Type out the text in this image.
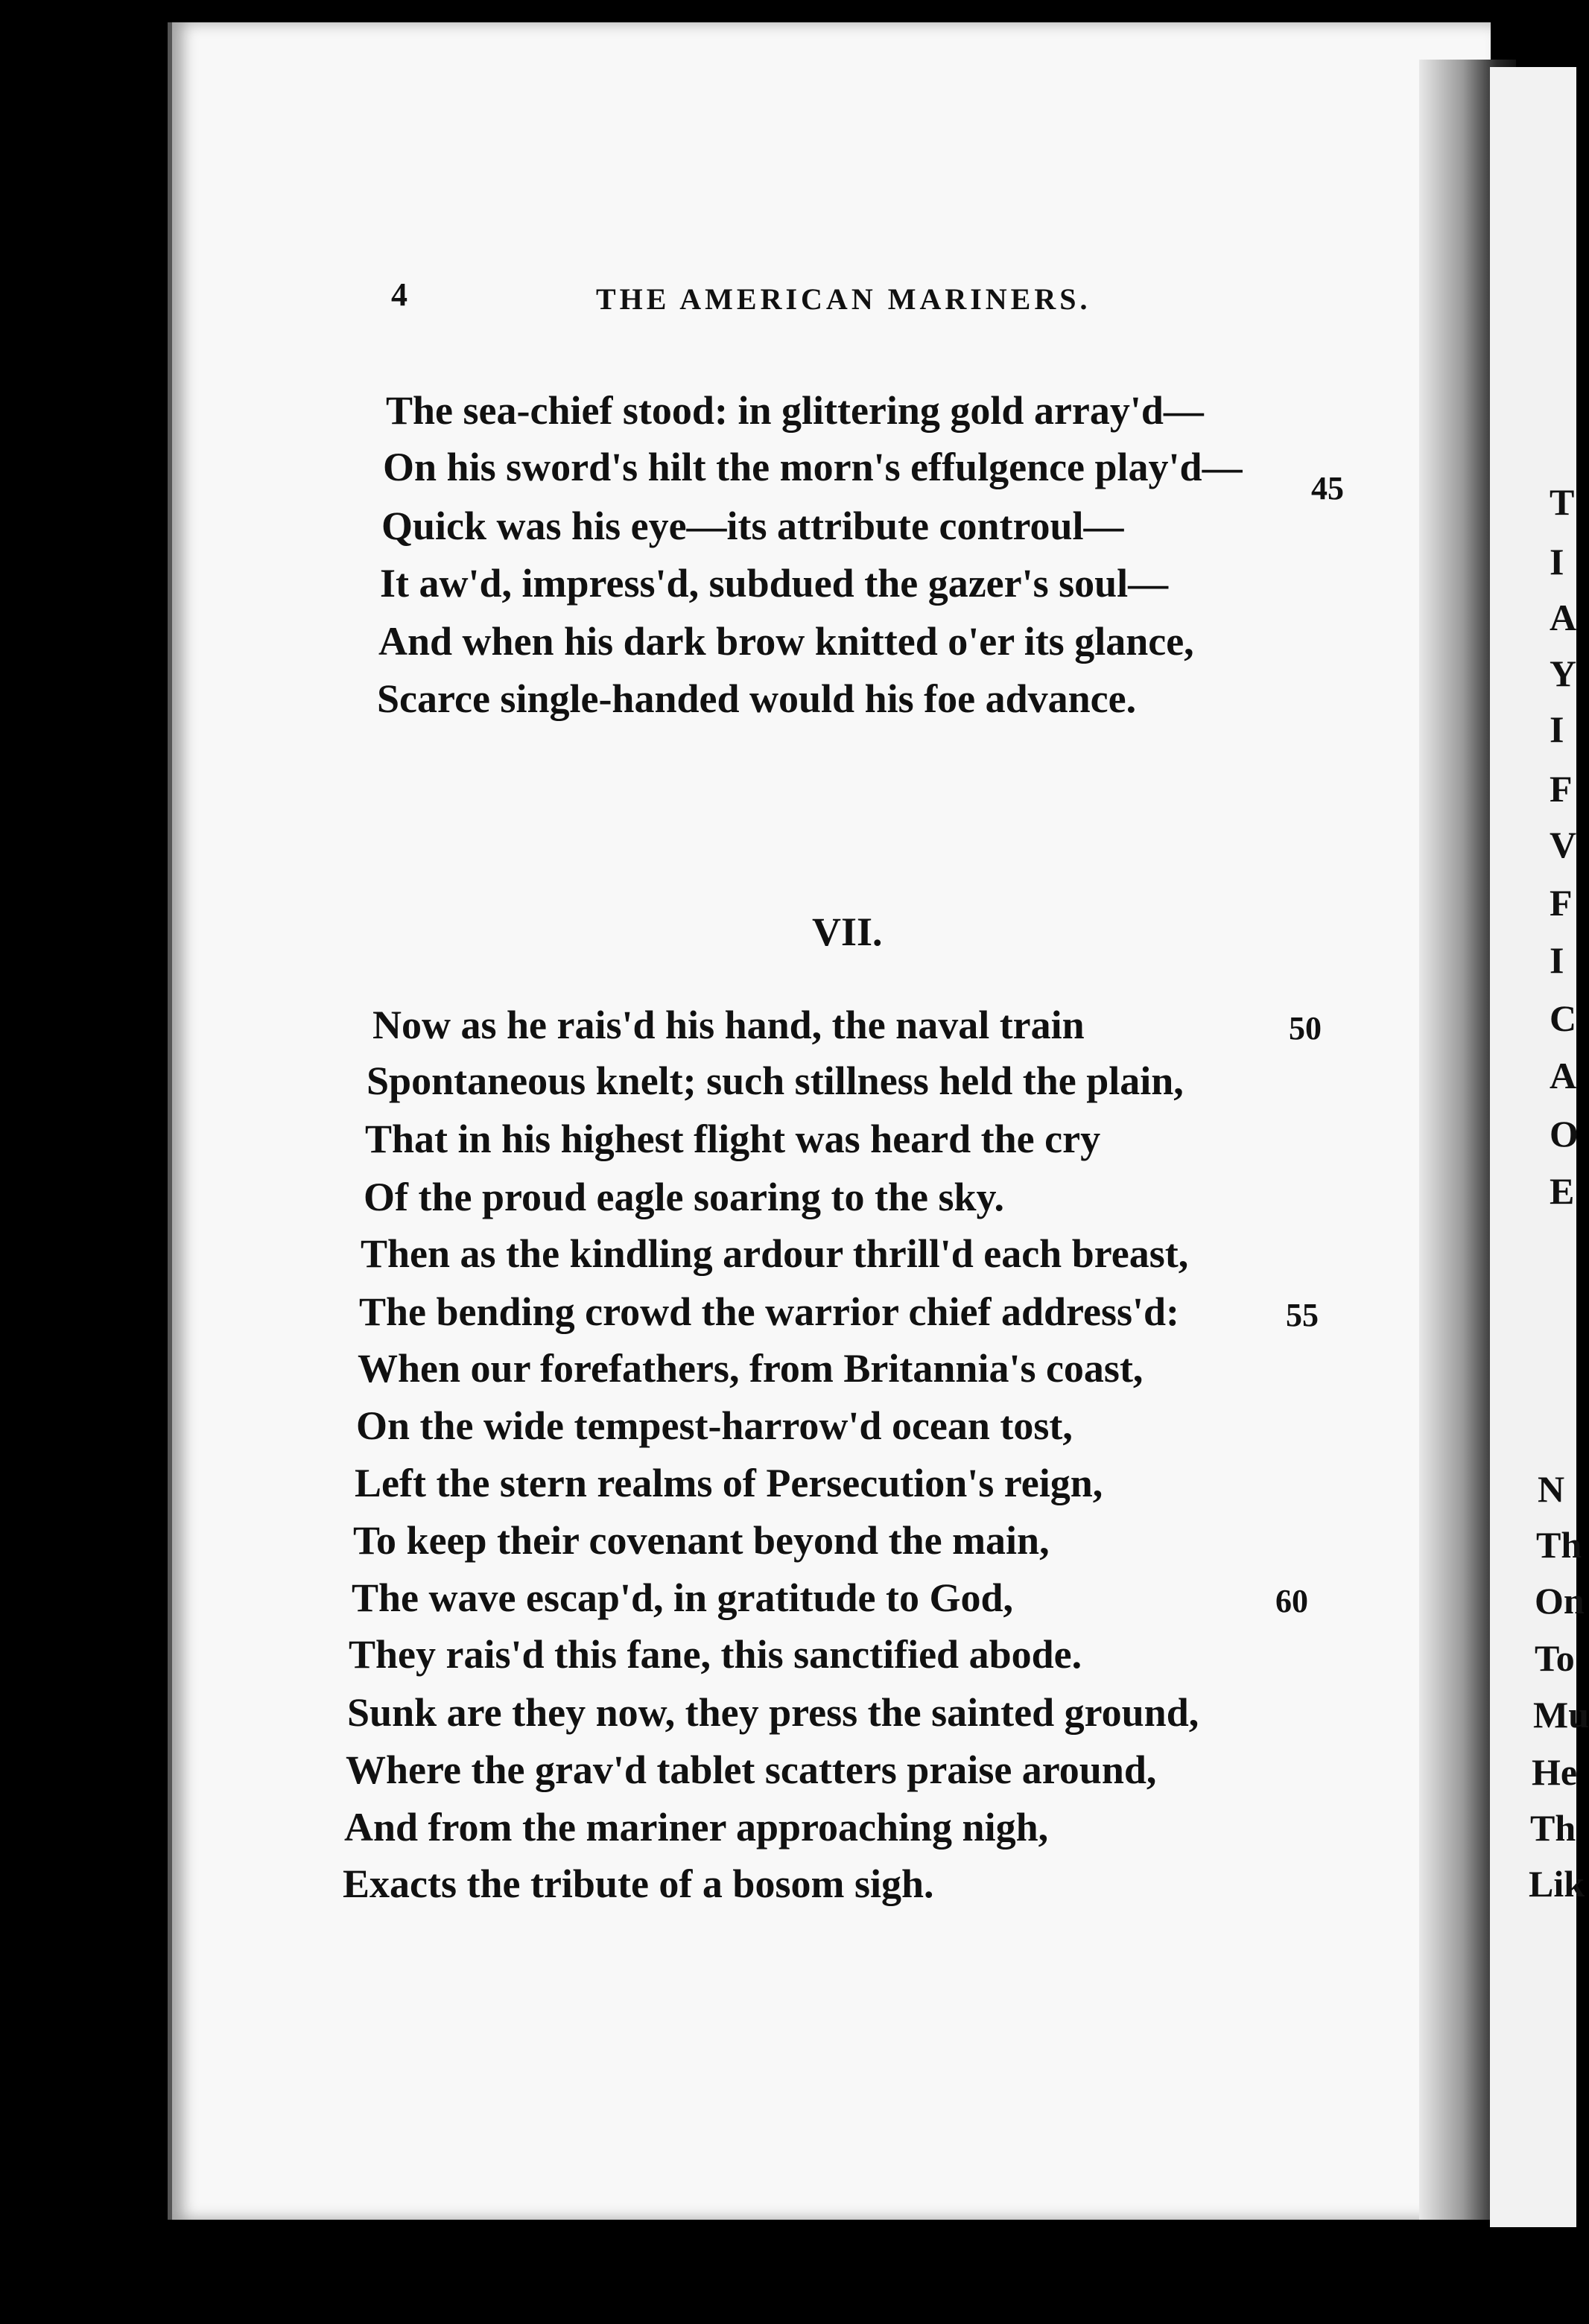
4	THE AMERICAN MARINERS.
The sea-chief stood: in glittering gold array'd—
On his sword's hilt the morn's effulgence play'd— 45
Quick was his eye—its attribute controul—
It aw'd, impress'd, subdued the gazer's soul—
And when his dark brow knitted o'er its glance,
Scarce single-handed would his foe advance.
VII.
Now as he rais'd his hand, the naval train	50
Spontaneous knelt; such stillness held the plain,
That in his highest flight was heard the cry
Of the proud eagle soaring to the sky.
Then as the kindling ardour thrill'd each breast,
The bending crowd the warrior chief address'd:	55
When our forefathers, from Britannia's coast,
On the wide tempest-harrow'd ocean tost,
Left the stern realms of Persecution's reign,
To keep their covenant beyond the main,
The wave escap'd, in gratitude to God,	60
They rais'd this fane, this sanctified abode.
Sunk are they now, they press the sainted ground,
Where the grav'd tablet scatters praise around,
And from the mariner approaching nigh,
Exacts the tribute of a bosom sigh.
T
I
A
Y
I
F
V
F
I
C
A
O
E
N
Th
On
To
Mu
He
Th
Lik
